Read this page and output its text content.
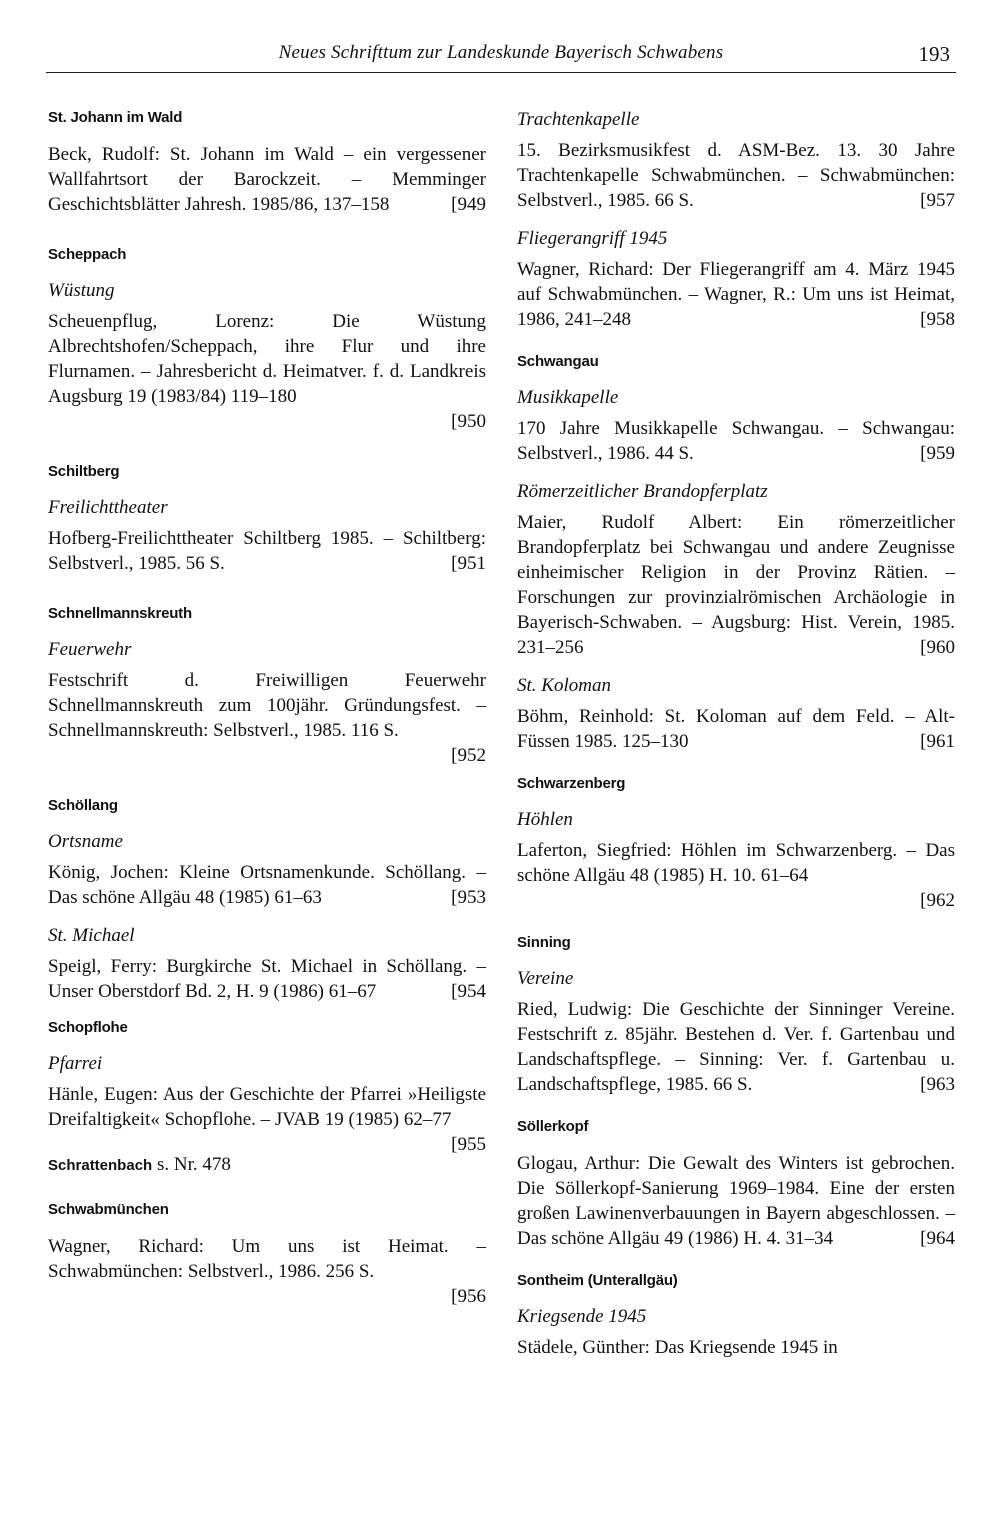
Neues Schrifttum zur Landeskunde Bayerisch Schwabens	193
St. Johann im Wald

Beck, Rudolf: St. Johann im Wald – ein vergessener Wallfahrtsort der Barockzeit. – Memminger Geschichtsblätter Jahresh. 1985/86, 137–158	[949

Scheppach
Wüstung

Scheuenpflug, Lorenz: Die Wüstung Albrechtshofen/Scheppach, ihre Flur und ihre Flurnamen. – Jahresbericht d. Heimatver. f. d. Landkreis Augsburg 19 (1983/84) 119–180
[950

Schiltberg
Freilichttheater

Hofberg-Freilichttheater Schiltberg 1985. – Schiltberg: Selbstverl., 1985. 56 S.	[951

Schnellmannskreuth
Feuerwehr

Festschrift d. Freiwilligen Feuerwehr Schnellmannskreuth zum 100jähr. Gründungsfest. – Schnellmannskreuth: Selbstverl., 1985. 116 S.
[952

Schöllang
Ortsname

König, Jochen: Kleine Ortsnamenkunde. Schöllang. – Das schöne Allgäu 48 (1985) 61–63	[953

St. Michael

Speigl, Ferry: Burgkirche St. Michael in Schöllang. – Unser Oberstdorf Bd. 2, H. 9 (1986) 61–67	[954

Schopflohe
Pfarrei

Hänle, Eugen: Aus der Geschichte der Pfarrei »Heiligste Dreifaltigkeit« Schopflohe. – JVAB 19 (1985) 62–77
[955

Schrattenbach s. Nr. 478

Schwabmünchen

Wagner, Richard: Um uns ist Heimat. – Schwabmünchen: Selbstverl., 1986. 256 S.
[956

Trachtenkapelle

15. Bezirksmusikfest d. ASM-Bez. 13. 30 Jahre Trachtenkapelle Schwabmünchen. – Schwabmünchen: Selbstverl., 1985. 66 S.	[957

Fliegerangriff 1945

Wagner, Richard: Der Fliegerangriff am 4. März 1945 auf Schwabmünchen. – Wagner, R.: Um uns ist Heimat, 1986, 241–248	[958

Schwangau
Musikkapelle

170 Jahre Musikkapelle Schwangau. – Schwangau: Selbstverl., 1986. 44 S.	[959

Römerzeitlicher Brandopferplatz

Maier, Rudolf Albert: Ein römerzeitlicher Brandopferplatz bei Schwangau und andere Zeugnisse einheimischer Religion in der Provinz Rätien. – Forschungen zur provinzialrömischen Archäologie in Bayerisch-Schwaben. – Augsburg: Hist. Verein, 1985. 231–256	[960

St. Koloman

Böhm, Reinhold: St. Koloman auf dem Feld. – Alt-Füssen 1985. 125–130	[961

Schwarzenberg
Höhlen

Laferton, Siegfried: Höhlen im Schwarzenberg. – Das schöne Allgäu 48 (1985) H. 10. 61–64
[962

Sinning
Vereine

Ried, Ludwig: Die Geschichte der Sinninger Vereine. Festschrift z. 85jähr. Bestehen d. Ver. f. Gartenbau und Landschaftspflege. – Sinning: Ver. f. Gartenbau u. Landschaftspflege, 1985. 66 S.	[963

Söllerkopf

Glogau, Arthur: Die Gewalt des Winters ist gebrochen. Die Söllerkopf-Sanierung 1969–1984. Eine der ersten großen Lawinenverbauungen in Bayern abgeschlossen. – Das schöne Allgäu 49 (1986) H. 4. 31–34	[964

Sontheim (Unterallgäu)
Kriegsende 1945

Städele, Günther: Das Kriegsende 1945 in
